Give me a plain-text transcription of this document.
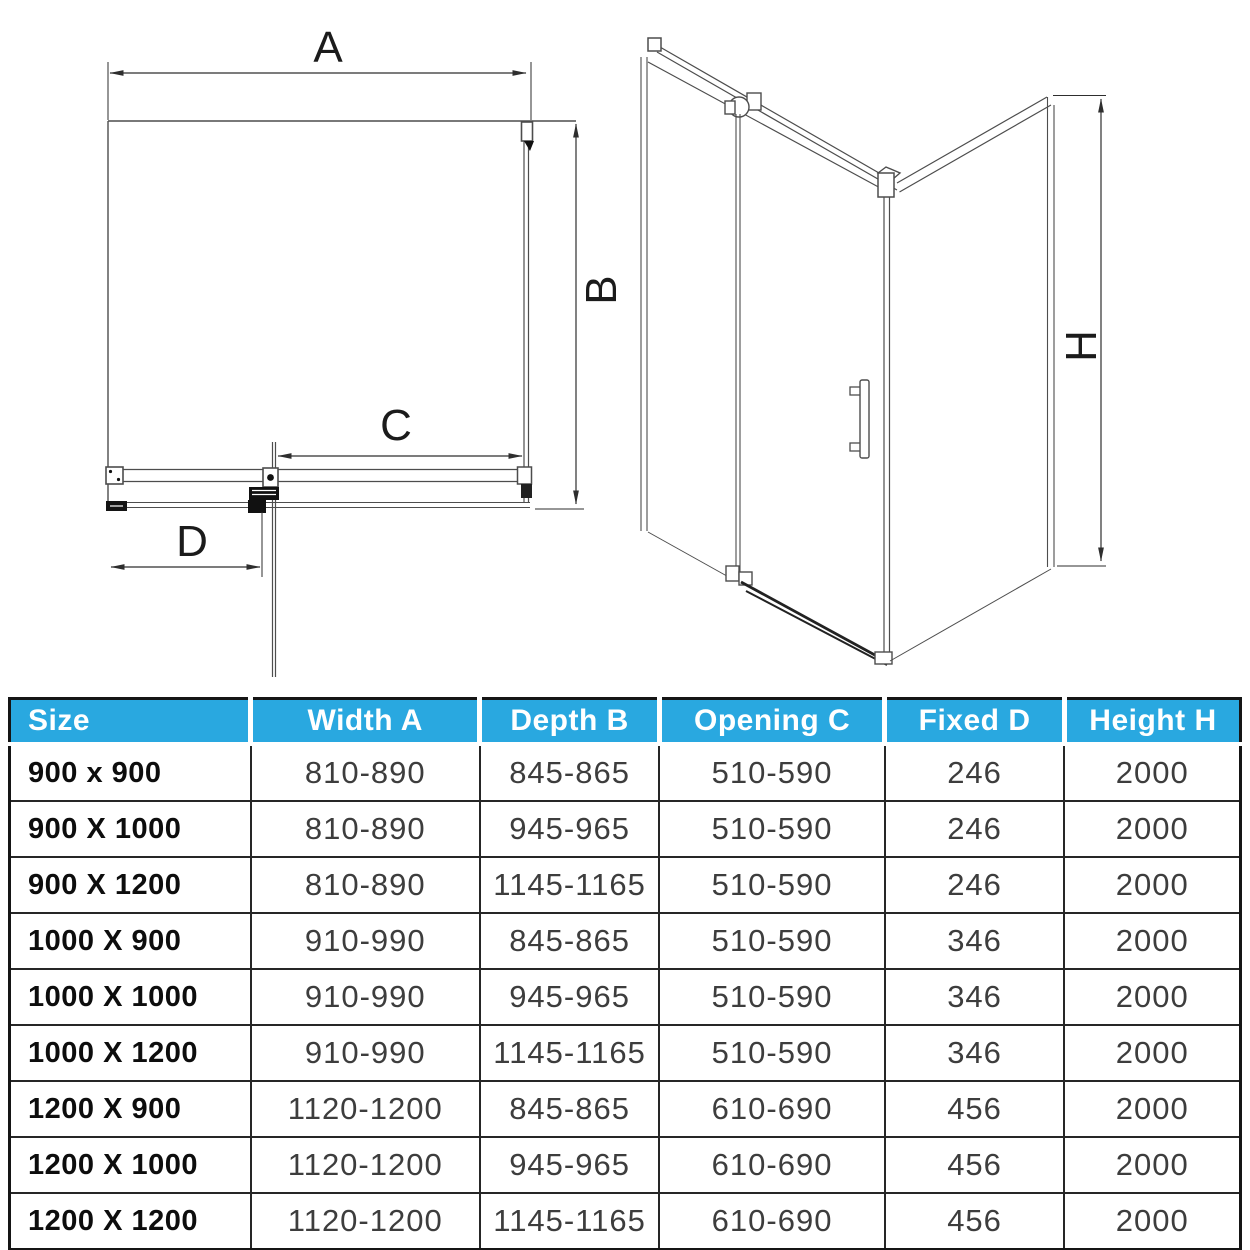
A
B
C
D
H
Size	Width A	Depth B	Opening C	Fixed D	Height H
900 x 900	810-890	845-865	510-590	246	2000
900 X 1000	810-890	945-965	510-590	246	2000
900 X 1200	810-890	1145-1165	510-590	246	2000
1000 X 900	910-990	845-865	510-590	346	2000
1000 X 1000	910-990	945-965	510-590	346	2000
1000 X 1200	910-990	1145-1165	510-590	346	2000
1200 X 900	1120-1200	845-865	610-690	456	2000
1200 X 1000	1120-1200	945-965	610-690	456	2000
1200 X 1200	1120-1200	1145-1165	610-690	456	2000
